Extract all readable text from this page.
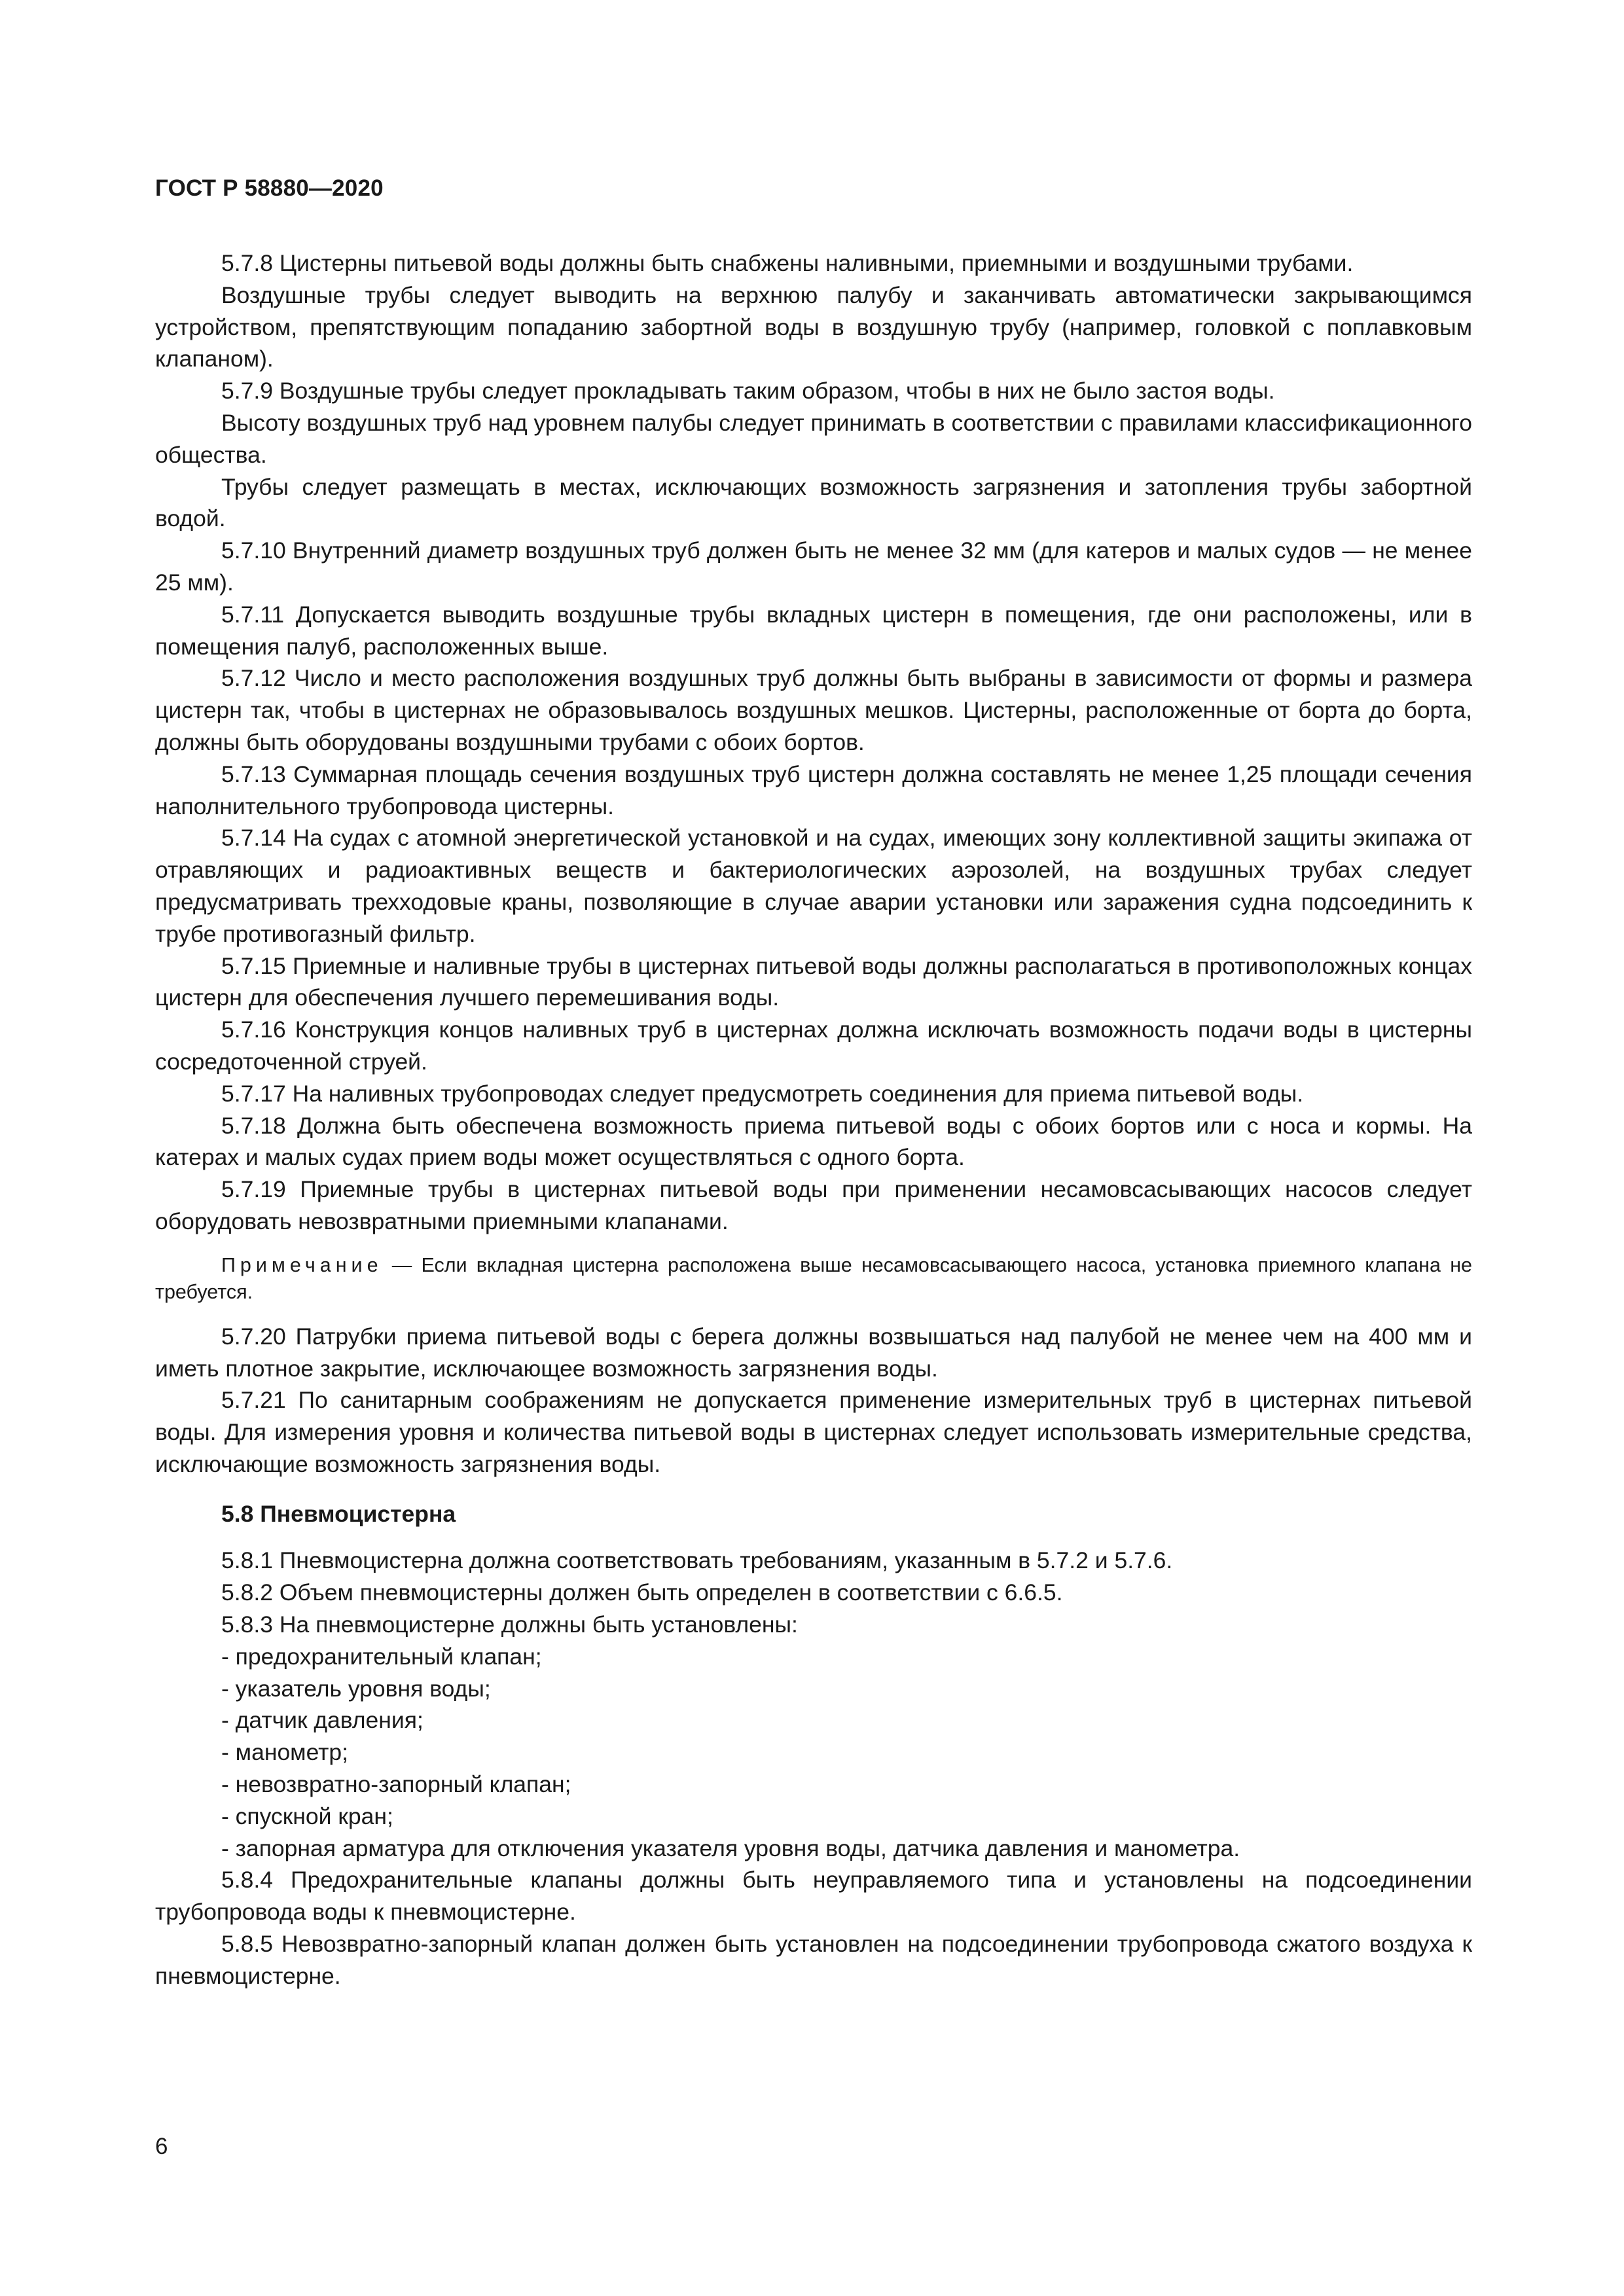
ГОСТ Р 58880—2020

5.7.8 Цистерны питьевой воды должны быть снабжены наливными, приемными и воздушными трубами.

Воздушные трубы следует выводить на верхнюю палубу и заканчивать автоматически закрывающимся устройством, препятствующим попаданию забортной воды в воздушную трубу (например, головкой с поплавковым клапаном).

5.7.9 Воздушные трубы следует прокладывать таким образом, чтобы в них не было застоя воды.

Высоту воздушных труб над уровнем палубы следует принимать в соответствии с правилами классификационного общества.

Трубы следует размещать в местах, исключающих возможность загрязнения и затопления трубы забортной водой.

5.7.10 Внутренний диаметр воздушных труб должен быть не менее 32 мм (для катеров и малых судов — не менее 25 мм).

5.7.11 Допускается выводить воздушные трубы вкладных цистерн в помещения, где они расположены, или в помещения палуб, расположенных выше.

5.7.12 Число и место расположения воздушных труб должны быть выбраны в зависимости от формы и размера цистерн так, чтобы в цистернах не образовывалось воздушных мешков. Цистерны, расположенные от борта до борта, должны быть оборудованы воздушными трубами с обоих бортов.

5.7.13 Суммарная площадь сечения воздушных труб цистерн должна составлять не менее 1,25 площади сечения наполнительного трубопровода цистерны.

5.7.14 На судах с атомной энергетической установкой и на судах, имеющих зону коллективной защиты экипажа от отравляющих и радиоактивных веществ и бактериологических аэрозолей, на воздушных трубах следует предусматривать трехходовые краны, позволяющие в случае аварии установки или заражения судна подсоединить к трубе противогазный фильтр.

5.7.15 Приемные и наливные трубы в цистернах питьевой воды должны располагаться в противоположных концах цистерн для обеспечения лучшего перемешивания воды.

5.7.16 Конструкция концов наливных труб в цистернах должна исключать возможность подачи воды в цистерны сосредоточенной струей.

5.7.17 На наливных трубопроводах следует предусмотреть соединения для приема питьевой воды.

5.7.18 Должна быть обеспечена возможность приема питьевой воды с обоих бортов или с носа и кормы. На катерах и малых судах прием воды может осуществляться с одного борта.

5.7.19 Приемные трубы в цистернах питьевой воды при применении несамовсасывающих насосов следует оборудовать невозвратными приемными клапанами.

Примечание — Если вкладная цистерна расположена выше несамовсасывающего насоса, установка приемного клапана не требуется.

5.7.20 Патрубки приема питьевой воды с берега должны возвышаться над палубой не менее чем на 400 мм и иметь плотное закрытие, исключающее возможность загрязнения воды.

5.7.21 По санитарным соображениям не допускается применение измерительных труб в цистернах питьевой воды. Для измерения уровня и количества питьевой воды в цистернах следует использовать измерительные средства, исключающие возможность загрязнения воды.

5.8 Пневмоцистерна

5.8.1 Пневмоцистерна должна соответствовать требованиям, указанным в 5.7.2 и 5.7.6.

5.8.2 Объем пневмоцистерны должен быть определен в соответствии с 6.6.5.

5.8.3 На пневмоцистерне должны быть установлены:

- предохранительный клапан;

- указатель уровня воды;

- датчик давления;

- манометр;

- невозвратно-запорный клапан;

- спускной кран;

- запорная арматура для отключения указателя уровня воды, датчика давления и манометра.

5.8.4 Предохранительные клапаны должны быть неуправляемого типа и установлены на подсоединении трубопровода воды к пневмоцистерне.

5.8.5 Невозвратно-запорный клапан должен быть установлен на подсоединении трубопровода сжатого воздуха к пневмоцистерне.

6
